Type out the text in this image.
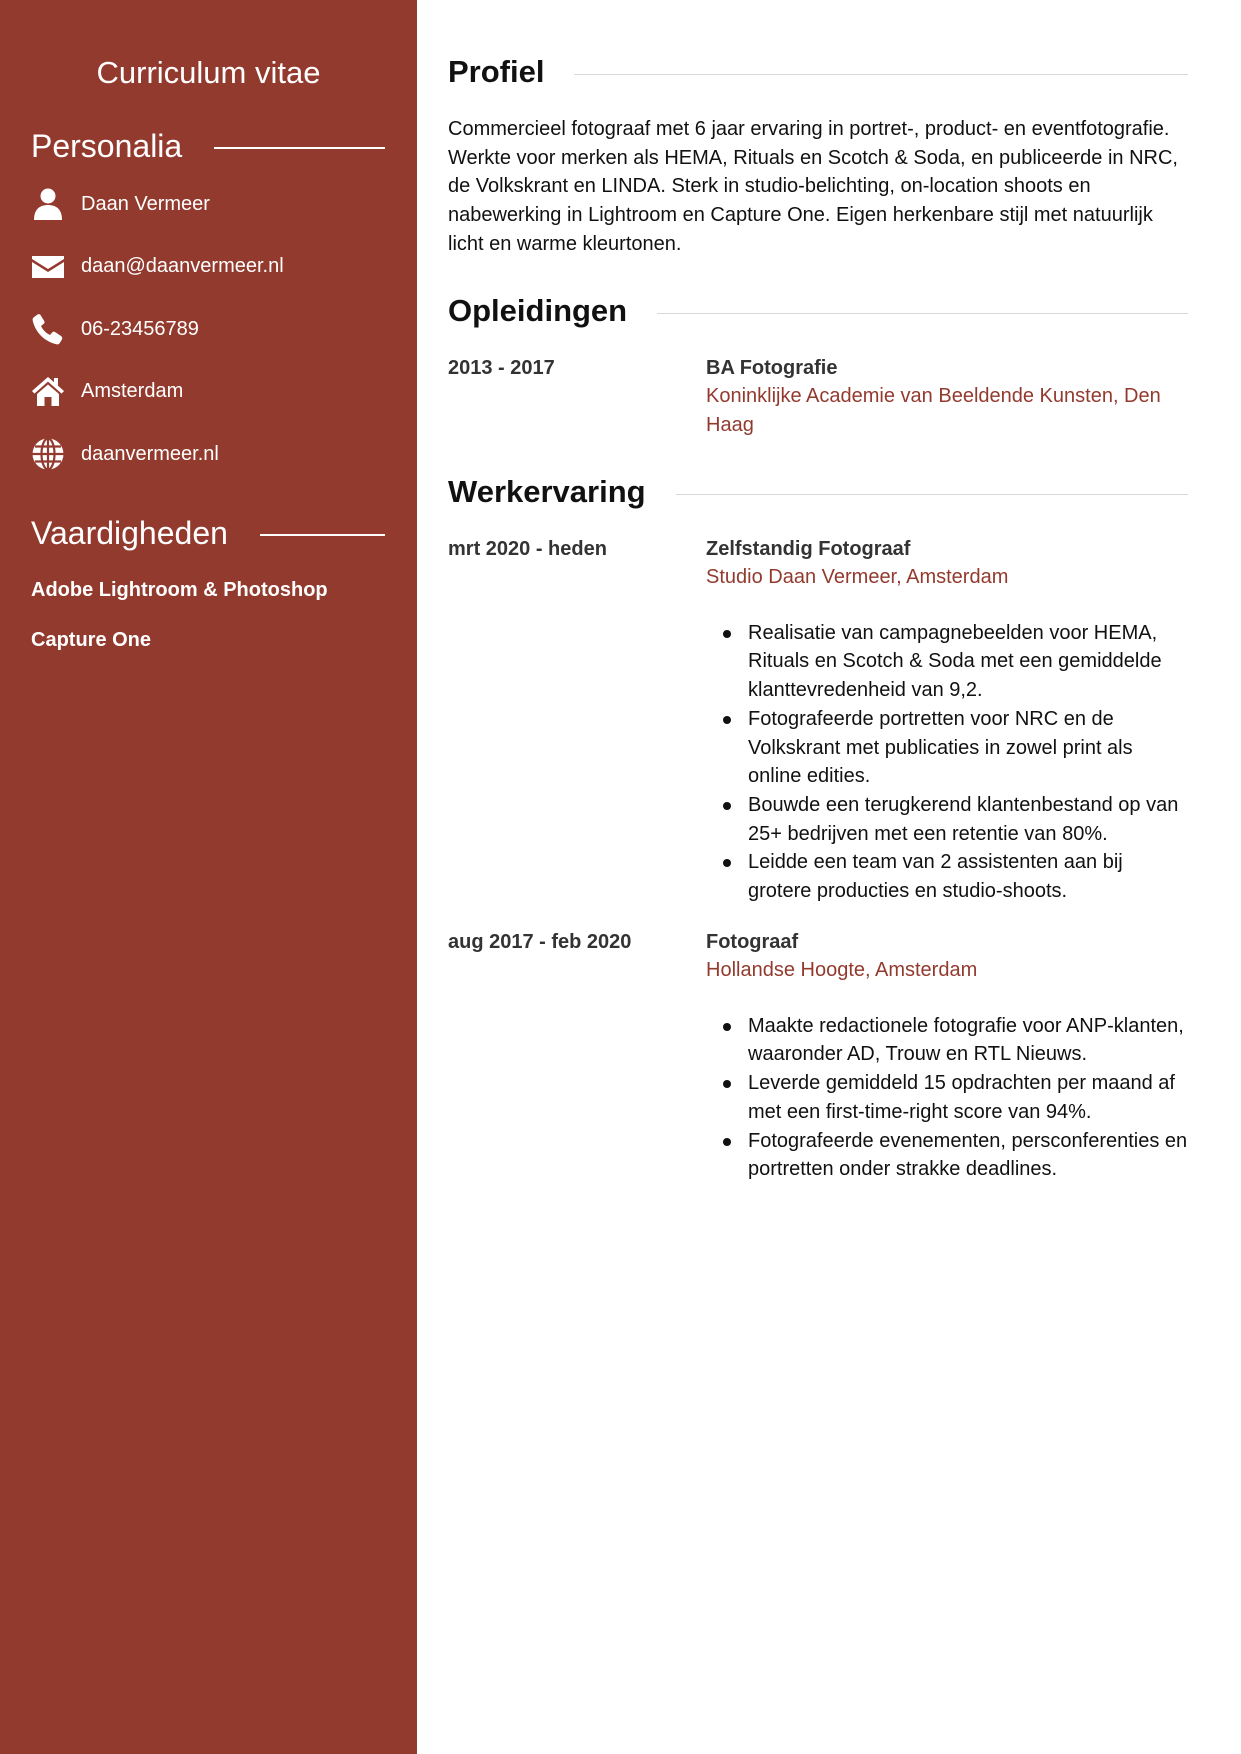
Curriculum vitae
Personalia
Daan Vermeer
daan@daanvermeer.nl
06-23456789
Amsterdam
daanvermeer.nl
Vaardigheden
Adobe Lightroom & Photoshop
Capture One
Profiel
Commercieel fotograaf met 6 jaar ervaring in portret-, product- en eventfotografie. Werkte voor merken als HEMA, Rituals en Scotch & Soda, en publiceerde in NRC, de Volkskrant en LINDA. Sterk in studio-belichting, on-location shoots en nabewerking in Lightroom en Capture One. Eigen herkenbare stijl met natuurlijk licht en warme kleurtonen.
Opleidingen
2013 - 2017	BA Fotografie
Koninklijke Academie van Beeldende Kunsten, Den Haag
Werkervaring
mrt 2020 - heden	Zelfstandig Fotograaf
Studio Daan Vermeer, Amsterdam
Realisatie van campagnebeelden voor HEMA, Rituals en Scotch & Soda met een gemiddelde klanttevredenheid van 9,2.
Fotografeerde portretten voor NRC en de Volkskrant met publicaties in zowel print als online edities.
Bouwde een terugkerend klantenbestand op van 25+ bedrijven met een retentie van 80%.
Leidde een team van 2 assistenten aan bij grotere producties en studio-shoots.
aug 2017 - feb 2020	Fotograaf
Hollandse Hoogte, Amsterdam
Maakte redactionele fotografie voor ANP-klanten, waaronder AD, Trouw en RTL Nieuws.
Leverde gemiddeld 15 opdrachten per maand af met een first-time-right score van 94%.
Fotografeerde evenementen, persconferenties en portretten onder strakke deadlines.
